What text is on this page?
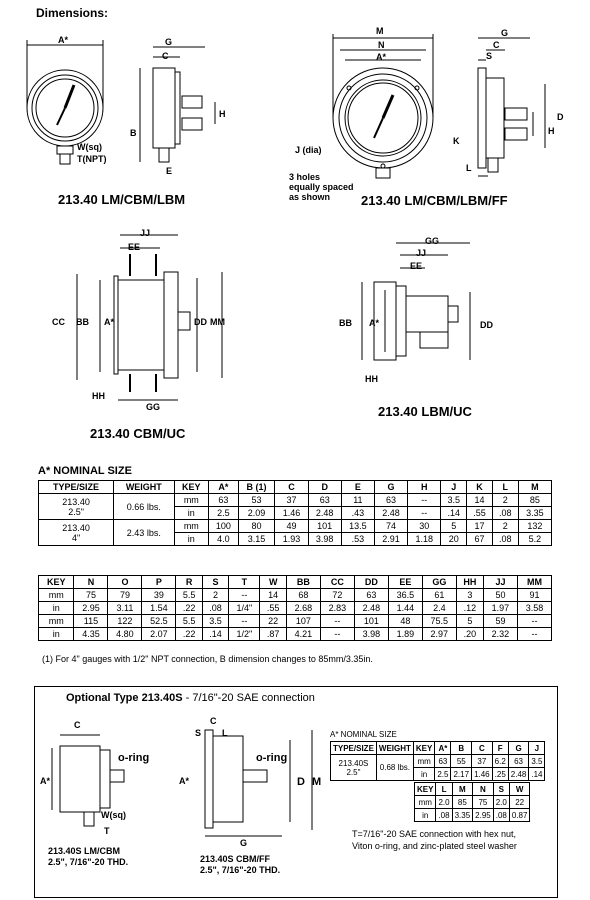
Dimensions:
A*	G
C
B
H
W(sq)
T(NPT)
E
213.40 LM/CBM/LBM
M
N
A*
G
C
S
D
H
K
L
J (dia)
3 holes
equally spaced
as shown	213.40 LM/CBM/LBM/FF
JJ
EE
CC BB A*	DD MM
HH
GG
213.40 CBM/UC
GG
JJ
EE
BB A*	DD
HH
213.40 LBM/UC
A* NOMINAL SIZE
TYPE/SIZE	WEIGHT	KEY	A*	B (1)	C	D	E	G	H	J	K	L	M
213.40
2.5"	0.66 lbs.	mm	63	53	37	63	11	63	--	3.5	14	2	85
		in	2.5	2.09	1.46	2.48	.43	2.48	--	.14	.55	.08	3.35
213.40
4"	2.43 lbs.	mm	100	80	49	101	13.5	74	30	5	17	2	132
		in	4.0	3.15	1.93	3.98	.53	2.91	1.18	20	67	.08	5.2
KEY	N	O	P	R	S	T	W	BB	CC	DD	EE	GG	HH	JJ	MM
mm	75	79	39	5.5	2	--	14	68	72	63	36.5	61	3	50	91
in	2.95	3.11	1.54	.22	.08	1/4"	.55	2.68	2.83	2.48	1.44	2.4	.12	1.97	3.58
mm	115	122	52.5	5.5	3.5	--	22	107	--	101	48	75.5	5	59	--
in	4.35	4.80	2.07	.22	.14	1/2"	.87	4.21	--	3.98	1.89	2.97	.20	2.32	--
(1) For 4" gauges with 1/2" NPT connection, B dimension changes to 85mm/3.35in.
Optional Type 213.40S - 7/16"-20 SAE connection
C
A*
o-ring
W(sq)
T
213.40S LM/CBM
2.5", 7/16"-20 THD.
C
S L
o-ring
A*	D M
G
213.40S CBM/FF
2.5", 7/16"-20 THD.
A* NOMINAL SIZE
TYPE/SIZE	WEIGHT	KEY	A*	B	C	F	G	J
213.40S
2.5"	0.68 lbs.	mm	63	55	37	6.2	63	3.5
		in	2.5	2.17	1.46	.25	2.48	.14
KEY	L	M	N	S	W
mm	2.0	85	75	2.0	22
in	.08	3.35	2.95	.08	0.87
T=7/16"-20 SAE connection with hex nut,
Viton o-ring, and zinc-plated steel washer
